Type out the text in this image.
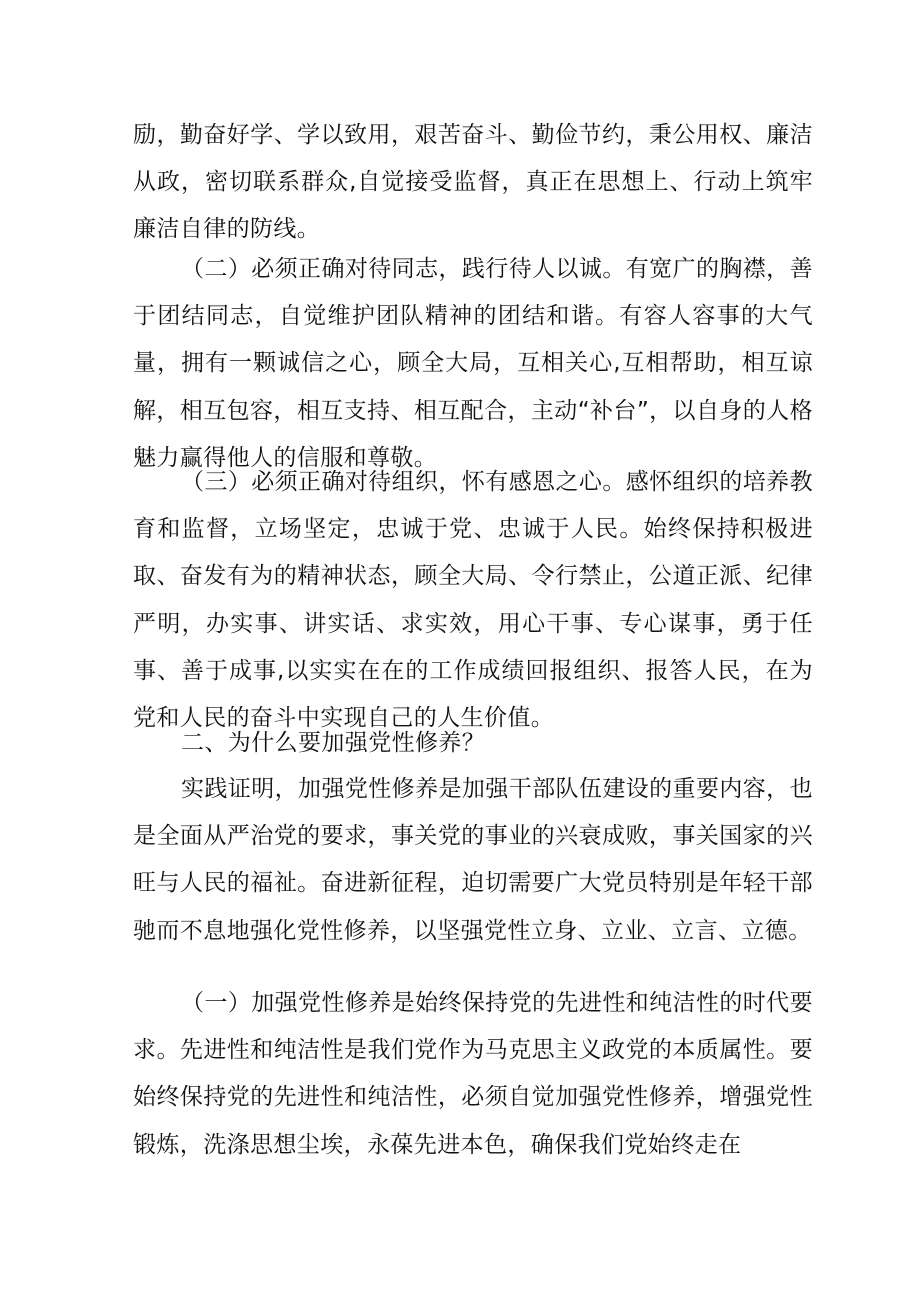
励，勤奋好学、学以致用，艰苦奋斗、勤俭节约，秉公用权、廉洁从政，密切联系群众,自觉接受监督，真正在思想上、行动上筑牢廉洁自律的防线。

（二）必须正确对待同志，践行待人以诚。有宽广的胸襟，善于团结同志，自觉维护团队精神的团结和谐。有容人容事的大气量，拥有一颗诚信之心，顾全大局，互相关心,互相帮助，相互谅解，相互包容，相互支持、相互配合，主动“补台”，以自身的人格魅力赢得他人的信服和尊敬。

（三）必须正确对待组织，怀有感恩之心。感怀组织的培养教育和监督，立场坚定，忠诚于党、忠诚于人民。始终保持积极进取、奋发有为的精神状态，顾全大局、令行禁止，公道正派、纪律严明，办实事、讲实话、求实效，用心干事、专心谋事，勇于任事、善于成事,以实实在在的工作成绩回报组织、报答人民，在为党和人民的奋斗中实现自己的人生价值。

二、为什么要加强党性修养？

实践证明，加强党性修养是加强干部队伍建设的重要内容，也是全面从严治党的要求，事关党的事业的兴衰成败，事关国家的兴旺与人民的福祉。奋进新征程，迫切需要广大党员特别是年轻干部驰而不息地强化党性修养，以坚强党性立身、立业、立言、立德。

（一）加强党性修养是始终保持党的先进性和纯洁性的时代要求。先进性和纯洁性是我们党作为马克思主义政党的本质属性。要始终保持党的先进性和纯洁性，必须自觉加强党性修养，增强党性锻炼，洗涤思想尘埃，永葆先进本色，确保我们党始终走在
